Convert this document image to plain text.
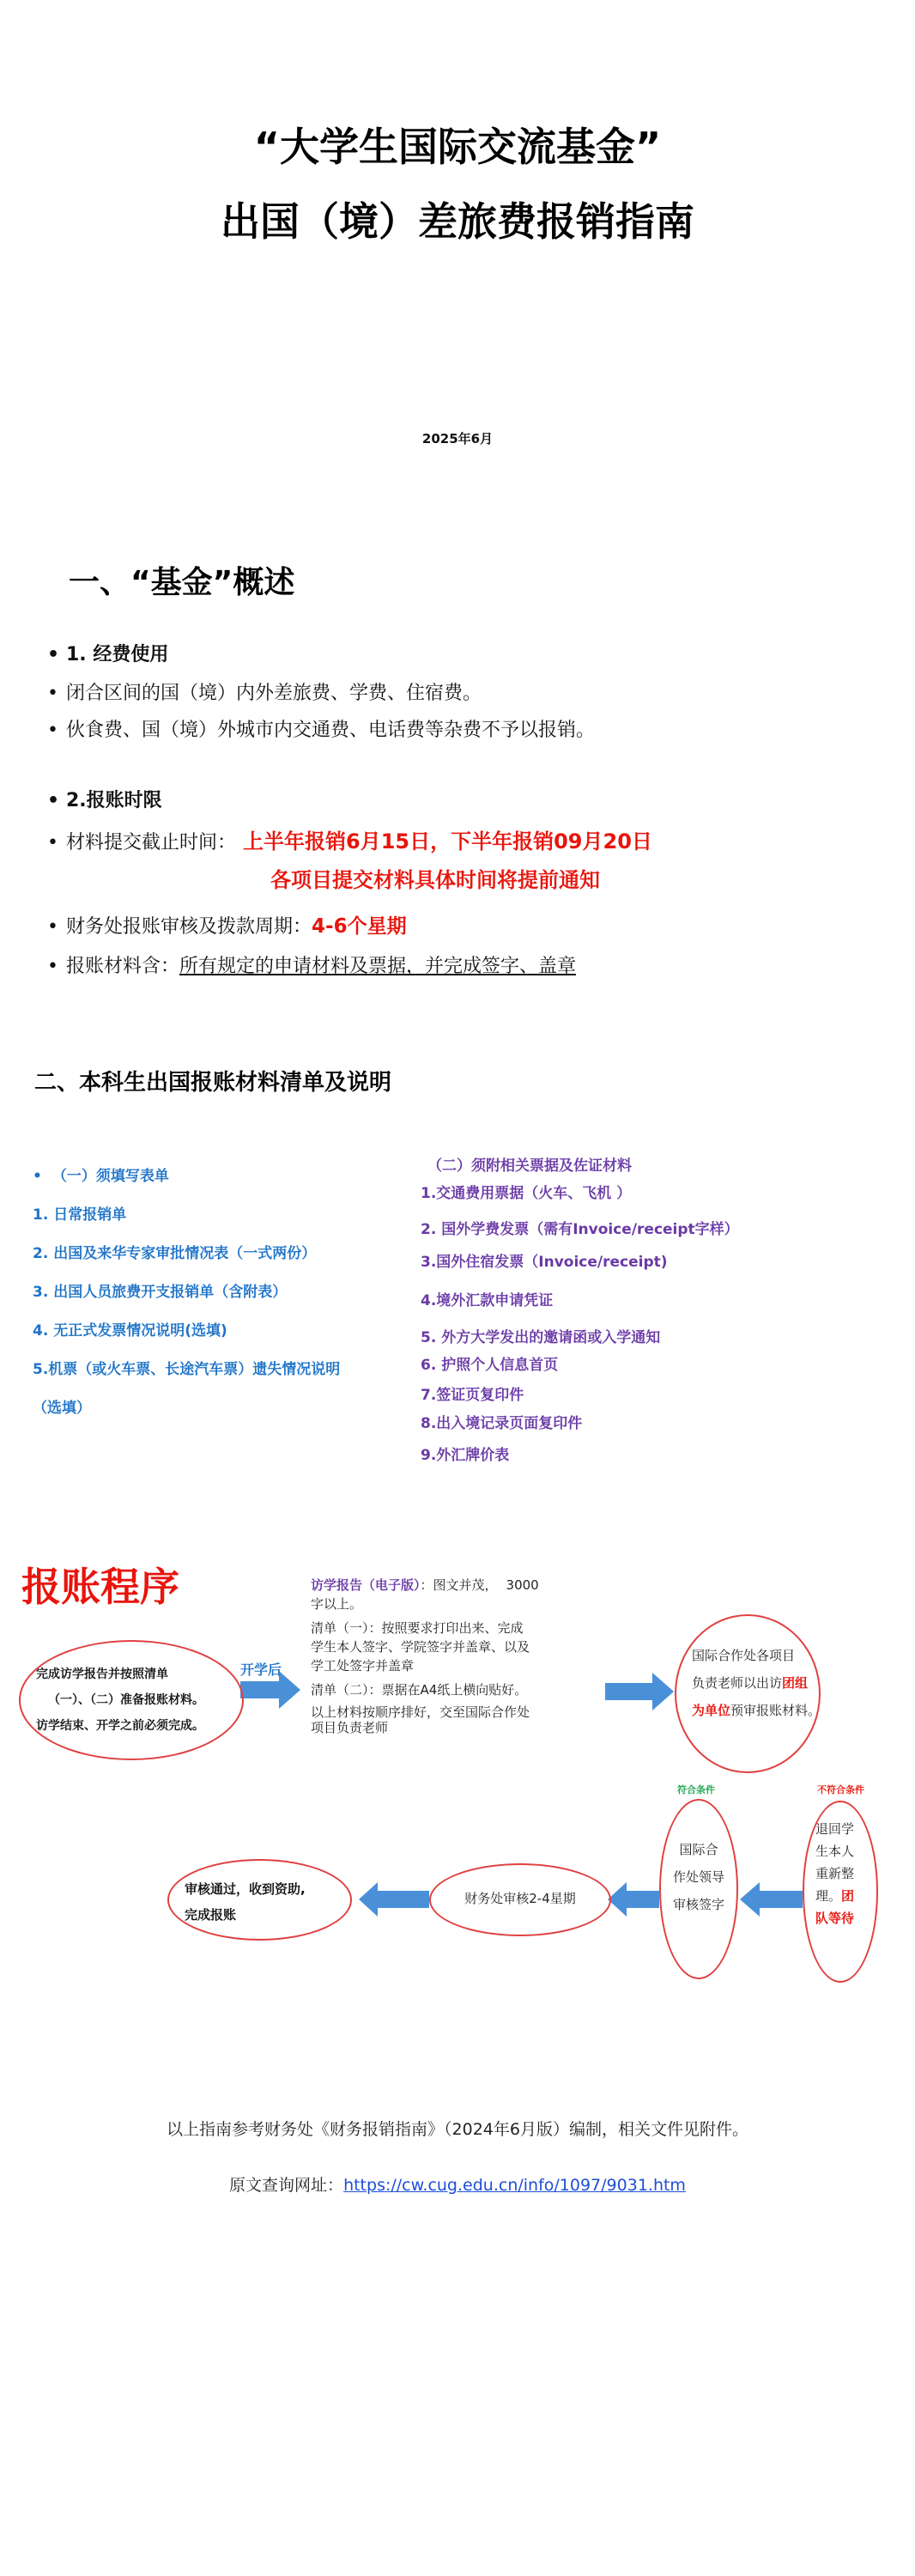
“大学生国际交流基金”
出国（境）差旅费报销指南
2025年6月
一、“基金”概述
• 1. 经费使用
• 闭合区间的国（境）内外差旅费、学费、住宿费。
• 伙食费、国（境）外城市内交通费、电话费等杂费不予以报销。
• 2.报账时限
• 材料提交截止时间： 上半年报销6月15日，下半年报销09月20日
各项目提交材料具体时间将提前通知
• 财务处报账审核及拨款周期：4-6个星期
• 报账材料含：所有规定的申请材料及票据，并完成签字、盖章
二、本科生出国报账材料清单及说明
• （一）须填写表单
1. 日常报销单
2. 出国及来华专家审批情况表（一式两份）
3. 出国人员旅费开支报销单（含附表）
4. 无正式发票情况说明(选填)
5.机票（或火车票、长途汽车票）遗失情况说明
（选填）
（二）须附相关票据及佐证材料
1.交通费用票据（火车、飞机 ）
2. 国外学费发票（需有Invoice/receipt字样）
3.国外住宿发票（Invoice/receipt)
4.境外汇款申请凭证
5. 外方大学发出的邀请函或入学通知
6. 护照个人信息首页
7.签证页复印件
8.出入境记录页面复印件
9.外汇牌价表
报账程序
完成访学报告并按照清单
（一）、（二）准备报账材料。
访学结束、开学之前必须完成。
开学后
访学报告（电子版）：图文并茂， 3000
字以上。
清单（一）：按照要求打印出来、完成
学生本人签字、学院签字并盖章、以及
学工处签字并盖章
清单（二）：票据在A4纸上横向贴好。
以上材料按顺序排好，交至国际合作处
项目负责老师
国际合作处各项目
负责老师以出访团组
为单位预审报账材料。
符合条件	不符合条件
国际合
作处领导
审核签字
退回学
生本人
重新整
理。团
队等待
财务处审核2-4星期
审核通过，收到资助,
完成报账
以上指南参考财务处《财务报销指南》（2024年6月版）编制，相关文件见附件。
原文查询网址：https://cw.cug.edu.cn/info/1097/9031.htm
